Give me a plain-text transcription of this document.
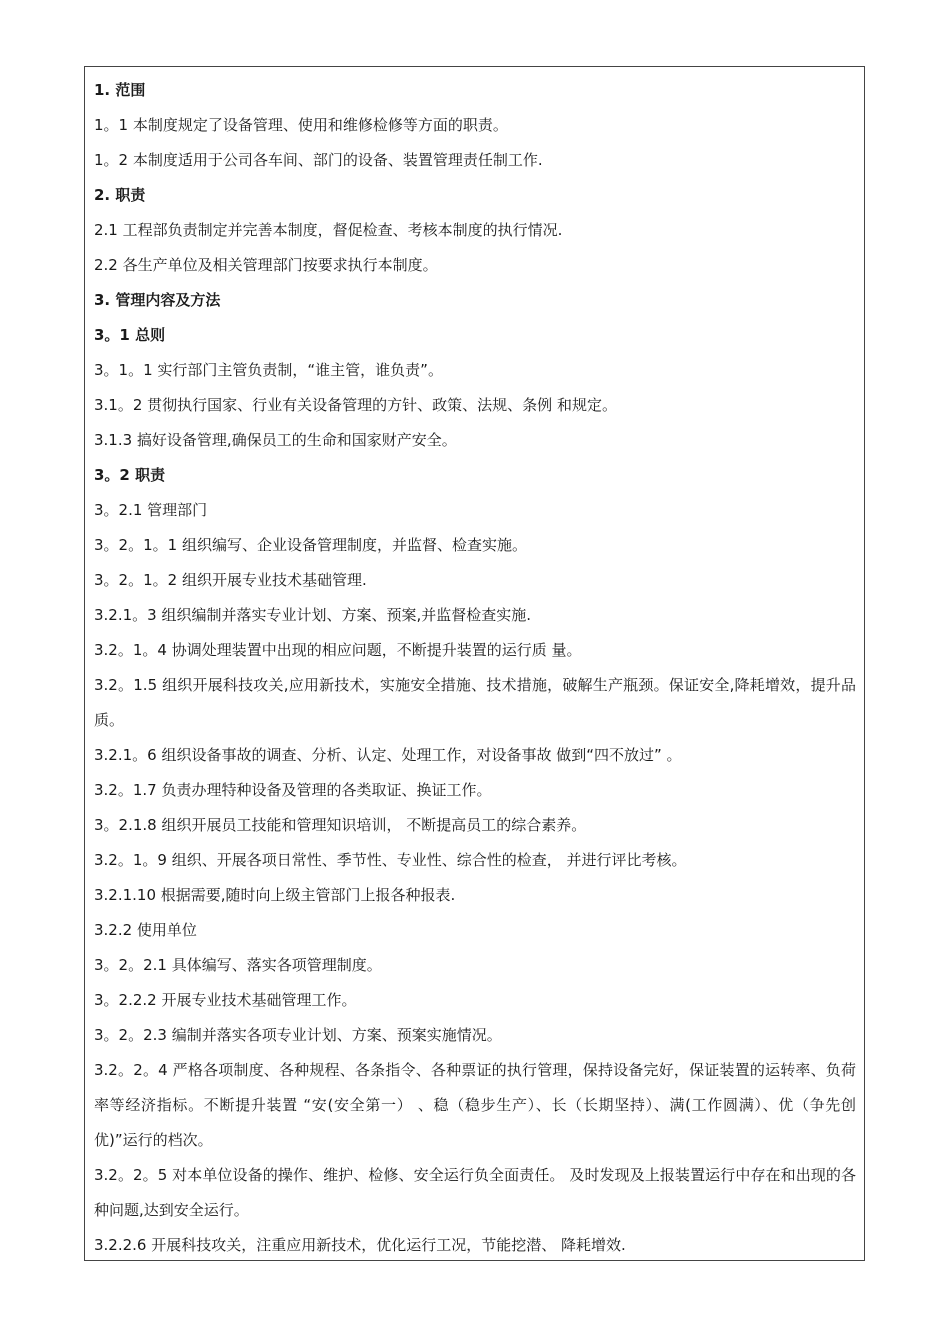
1. 范围
1。1 本制度规定了设备管理、使用和维修检修等方面的职责。
1。2 本制度适用于公司各车间、部门的设备、装置管理责任制工作.
2. 职责
2.1 工程部负责制定并完善本制度，督促检查、考核本制度的执行情况.
2.2 各生产单位及相关管理部门按要求执行本制度。
3. 管理内容及方法
3。1 总则
3。1。1 实行部门主管负责制，“谁主管，谁负责”。
3.1。2 贯彻执行国家、行业有关设备管理的方针、政策、法规、条例 和规定。
3.1.3 搞好设备管理,确保员工的生命和国家财产安全。
3。2 职责
3。2.1 管理部门
3。2。1。1 组织编写、企业设备管理制度，并监督、检查实施。
3。2。1。2 组织开展专业技术基础管理.
3.2.1。3 组织编制并落实专业计划、方案、预案,并监督检查实施.
3.2。1。4 协调处理装置中出现的相应问题，不断提升装置的运行质 量。
3.2。1.5 组织开展科技攻关,应用新技术，实施安全措施、技术措施，破解生产瓶颈。保证安全,降耗增效，提升品质。
3.2.1。6 组织设备事故的调查、分析、认定、处理工作，对设备事故 做到“四不放过” 。
3.2。1.7 负责办理特种设备及管理的各类取证、换证工作。
3。2.1.8 组织开展员工技能和管理知识培训， 不断提高员工的综合素养。
3.2。1。9 组织、开展各项日常性、季节性、专业性、综合性的检查， 并进行评比考核。
3.2.1.10 根据需要,随时向上级主管部门上报各种报表.
3.2.2 使用单位
3。2。2.1 具体编写、落实各项管理制度。
3。2.2.2 开展专业技术基础管理工作。
3。2。2.3 编制并落实各项专业计划、方案、预案实施情况。
3.2。2。4 严格各项制度、各种规程、各条指令、各种票证的执行管理，保持设备完好，保证装置的运转率、负荷率等经济指标。不断提升装置 “安(安全第一） 、稳（稳步生产）、长（长期坚持）、满(工作圆满）、优（争先创优)”运行的档次。
3.2。2。5 对本单位设备的操作、维护、检修、安全运行负全面责任。 及时发现及上报装置运行中存在和出现的各种问题,达到安全运行。
3.2.2.6 开展科技攻关，注重应用新技术，优化运行工况，节能挖潜、 降耗增效.
